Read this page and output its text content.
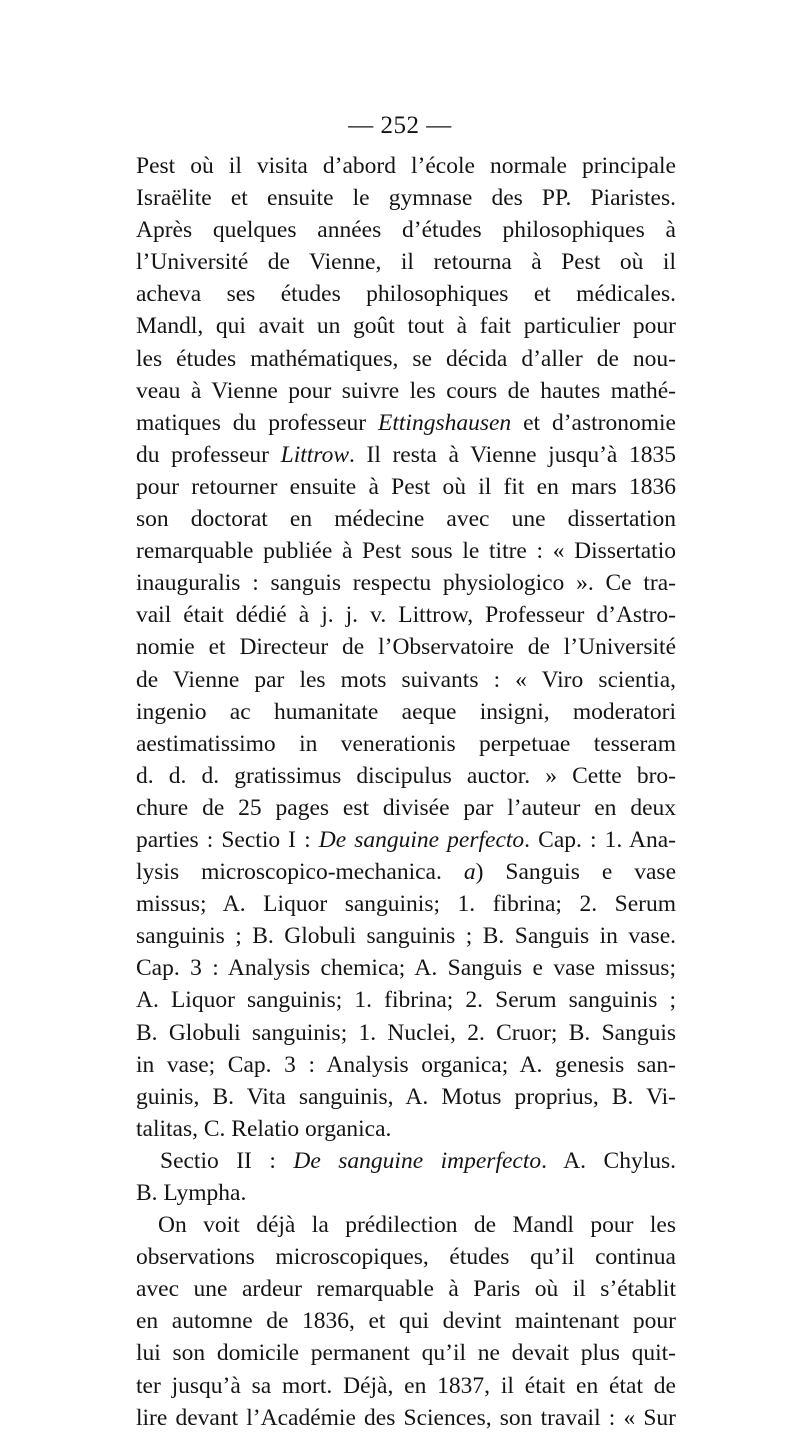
— 252 —
Pest où il visita d’abord l’école normale principale
Israëlite et ensuite le gymnase des PP. Piaristes.
Après quelques années d’études philosophiques à
l’Université de Vienne, il retourna à Pest où il
acheva ses études philosophiques et médicales.
Mandl, qui avait un goût tout à fait particulier pour
les études mathématiques, se décida d’aller de nou-
veau à Vienne pour suivre les cours de hautes mathé-
matiques du professeur Ettingshausen et d’astronomie
du professeur Littrow. Il resta à Vienne jusqu’à 1835
pour retourner ensuite à Pest où il fit en mars 1836
son doctorat en médecine avec une dissertation
remarquable publiée à Pest sous le titre : « Dissertatio
inauguralis : sanguis respectu physiologico ». Ce tra-
vail était dédié à j. j. v. Littrow, Professeur d’Astro-
nomie et Directeur de l’Observatoire de l’Université
de Vienne par les mots suivants : « Viro scientia,
ingenio ac humanitate aeque insigni, moderatori
aestimatissimo in venerationis perpetuae tesseram
d. d. d. gratissimus discipulus auctor. » Cette bro-
chure de 25 pages est divisée par l’auteur en deux
parties : Sectio I : De sanguine perfecto. Cap. : 1. Ana-
lysis microscopico-mechanica. a) Sanguis e vase
missus; A. Liquor sanguinis; 1. fibrina; 2. Serum
sanguinis ; B. Globuli sanguinis ; B. Sanguis in vase.
Cap. 3 : Analysis chemica; A. Sanguis e vase missus;
A. Liquor sanguinis; 1. fibrina; 2. Serum sanguinis ;
B. Globuli sanguinis; 1. Nuclei, 2. Cruor; B. Sanguis
in vase; Cap. 3 : Analysis organica; A. genesis san-
guinis, B. Vita sanguinis, A. Motus proprius, B. Vi-
talitas, C. Relatio organica.
Sectio II : De sanguine imperfecto. A. Chylus.
B. Lympha.
On voit déjà la prédilection de Mandl pour les
observations microscopiques, études qu’il continua
avec une ardeur remarquable à Paris où il s’établit
en automne de 1836, et qui devint maintenant pour
lui son domicile permanent qu’il ne devait plus quit-
ter jusqu’à sa mort. Déjà, en 1837, il était en état de
lire devant l’Académie des Sciences, son travail : « Sur
